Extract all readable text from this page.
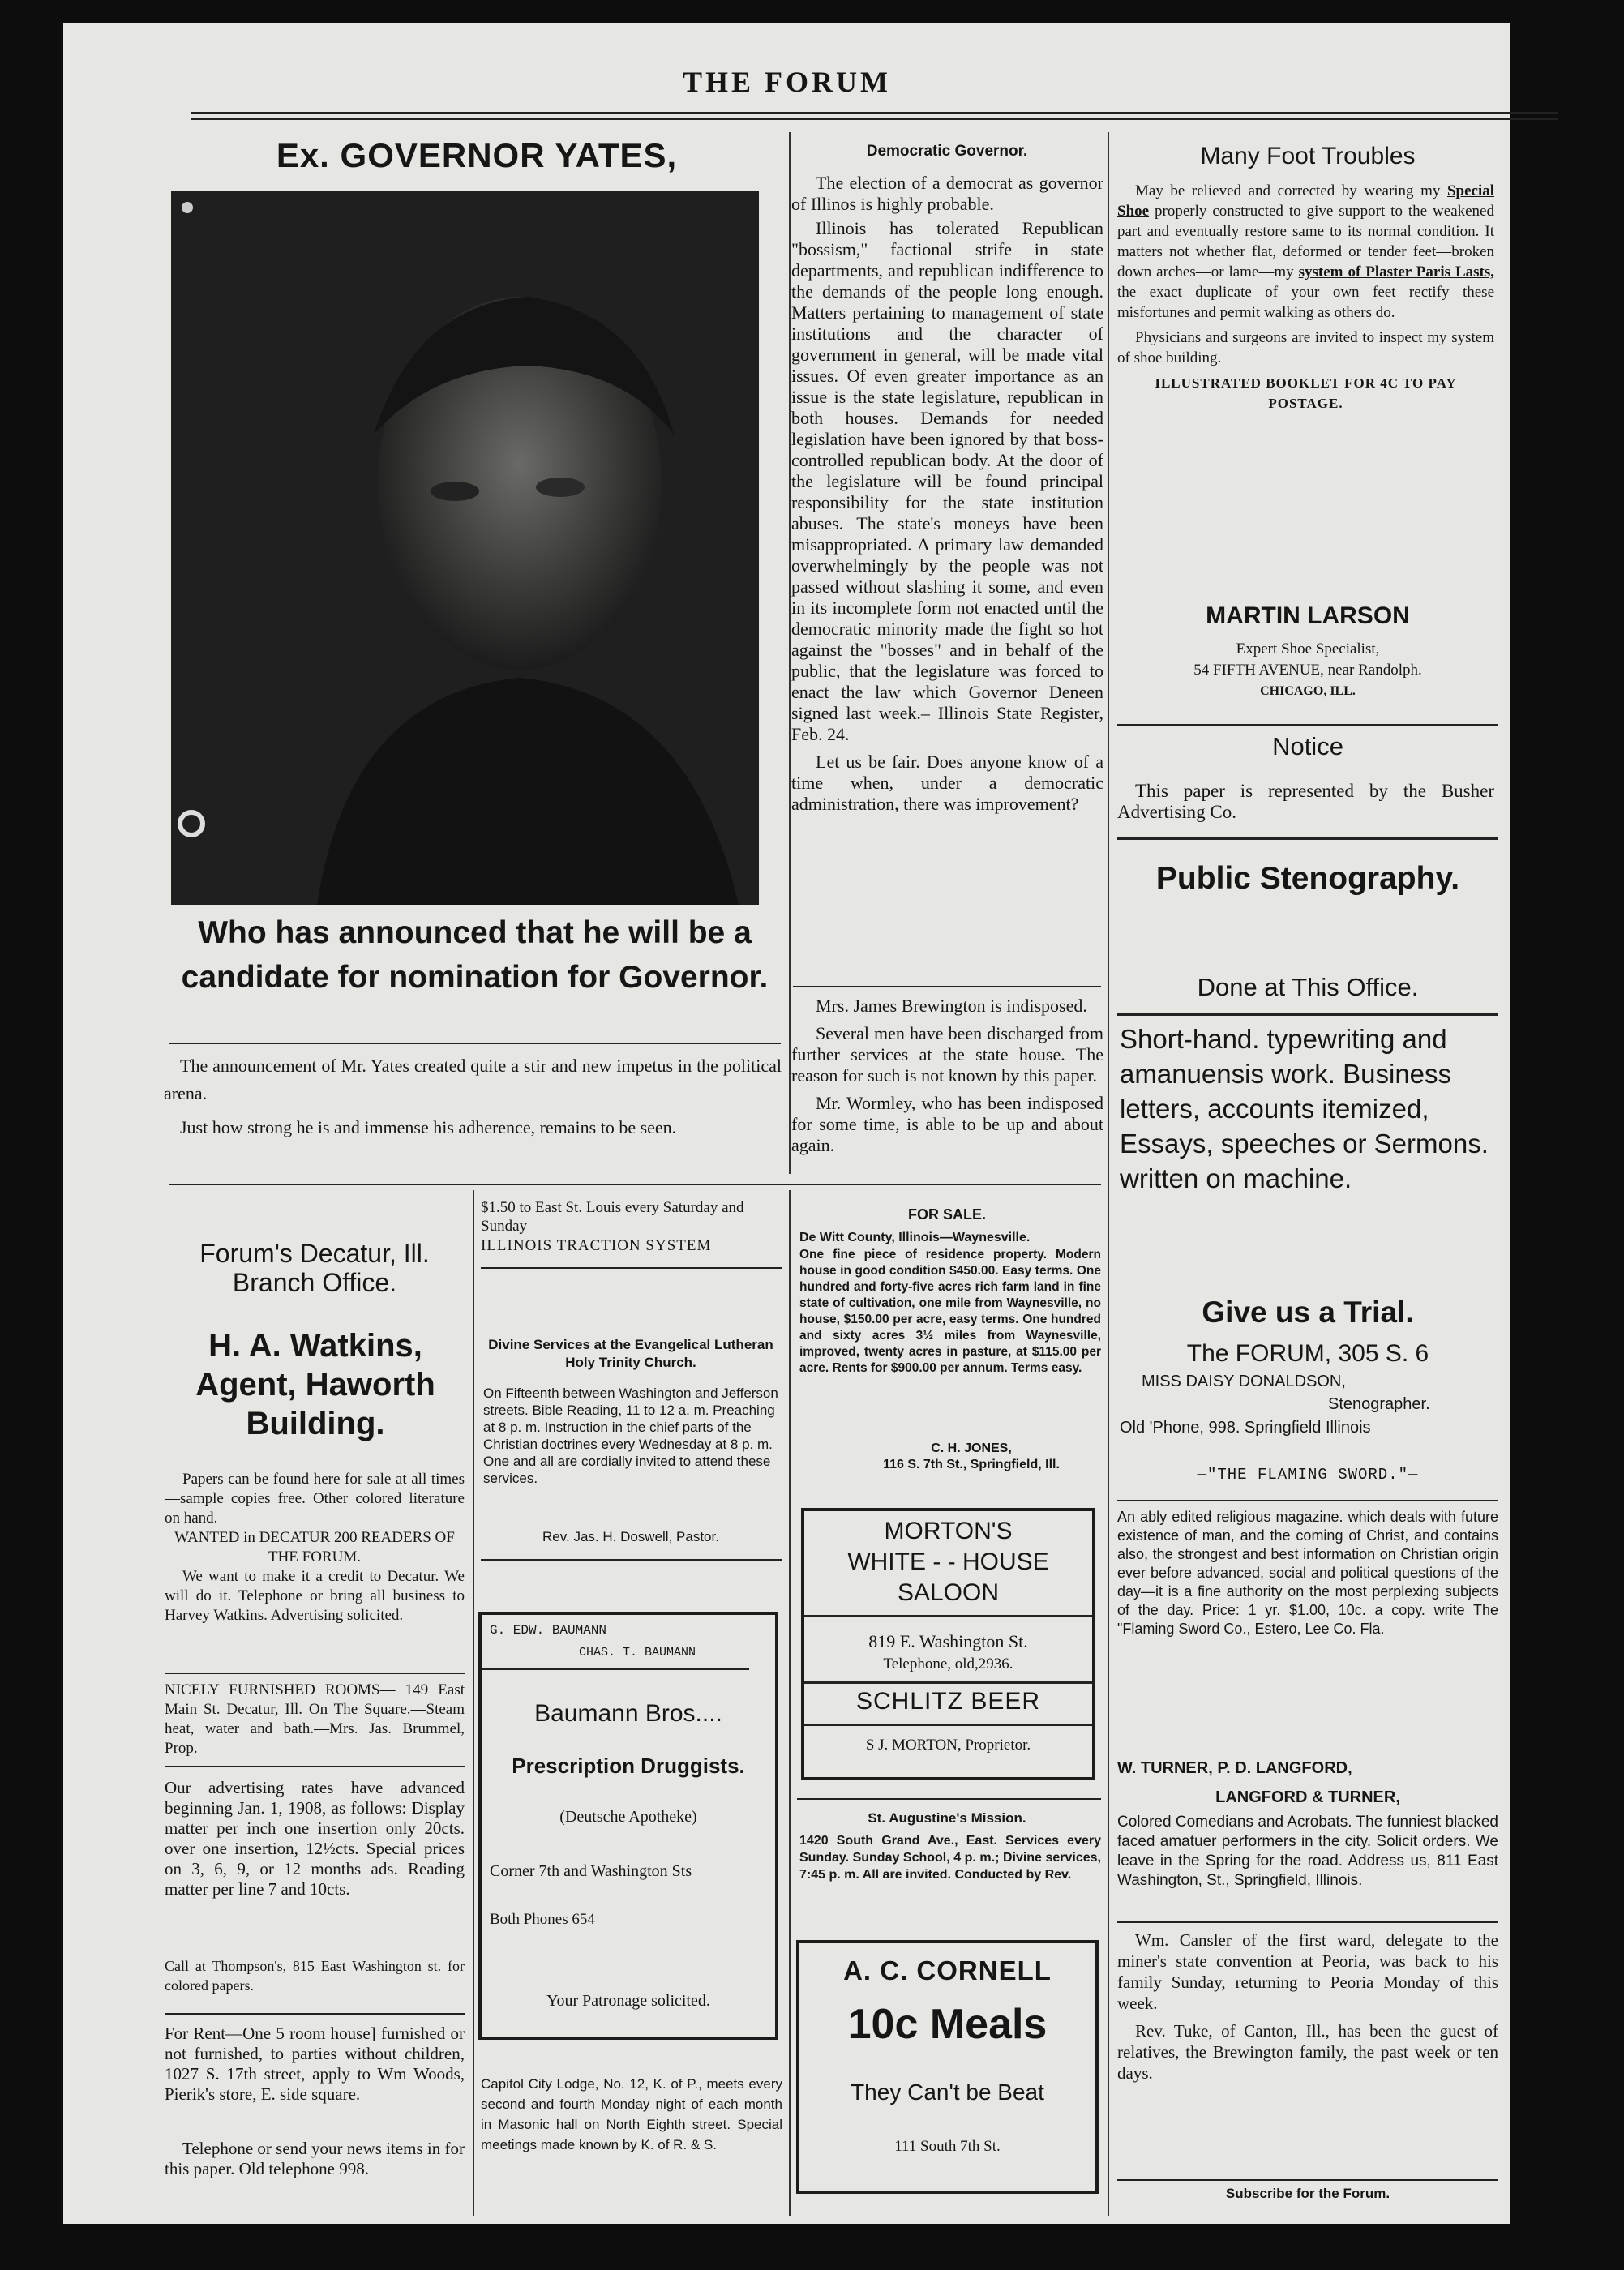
THE FORUM
Ex. GOVERNOR YATES,
Who has announced that he will be a candidate for nomination for Governor.

The announcement of Mr. Yates created quite a stir and new impetus in the political arena.

Just how strong he is and immense his adherence, remains to be seen.

Democratic Governor.

The election of a democrat as governor of Illinos is highly probable.

Illinois has tolerated Republican "bossism," factional strife in state departments, and republican indifference to the demands of the people long enough. Matters pertaining to management of state institutions and the character of government in general, will be made vital issues. Of even greater importance as an issue is the state legislature, republican in both houses. Demands for needed legislation have been ignored by that boss-controlled republican body. At the door of the legislature will be found principal responsibility for the state institution abuses. The state's moneys have been misappropriated. A primary law demanded overwhelmingly by the people was not passed without slashing it some, and even in its incomplete form not enacted until the democratic minority made the fight so hot against the "bosses" and in behalf of the public, that the legislature was forced to enact the law which Governor Deneen signed last week.– Illinois State Register, Feb. 24.

Let us be fair. Does anyone know of a time when, under a democratic administration, there was improvement?

Mrs. James Brewington is indisposed.

Several men have been discharged from further services at the state house. The reason for such is not known by this paper.

Mr. Wormley, who has been indisposed for some time, is able to be up and about again.

Many Foot Troubles

May be relieved and corrected by wearing my Special Shoe properly constructed to give support to the weakened part and eventually restore same to its normal condition. It matters not whether flat, deformed or tender feet—broken down arches—or lame—my system of Plaster Paris Lasts, the exact duplicate of your own feet rectify these misfortunes and permit walking as others do.

Physicians and surgeons are invited to inspect my system of shoe building.

ILLUSTRATED BOOKLET FOR 4C TO PAY POSTAGE.

MARTIN LARSON
Expert Shoe Specialist,
54 FIFTH AVENUE, near Randolph.
CHICAGO, ILL.
Notice

This paper is represented by the Busher Advertising Co.

Public Stenography.
Done at This Office.
Short-hand. typewriting and amanuensis work. Business letters, accounts itemized, Essays, speeches or Sermons. written on machine.
Give us a Trial.
The FORUM, 305 S. 6
MISS DAISY DONALDSON,
Stenographer.
Old 'Phone, 998. Springfield Illinois
—"THE FLAMING SWORD."—
An ably edited religious magazine. which deals with future existence of man, and the coming of Christ, and contains also, the strongest and best information on Christian origin ever before advanced, social and political questions of the day—it is a fine authority on the most perplexing subjects of the day. Price: 1 yr. $1.00, 10c. a copy. write The "Flaming Sword Co., Estero, Lee Co. Fla.
W. TURNER, P. D. LANGFORD,
LANGFORD & TURNER,
Colored Comedians and Acrobats. The funniest blacked faced amatuer performers in the city. Solicit orders. We leave in the Spring for the road. Address us, 811 East Washington, St., Springfield, Illinois.

Wm. Cansler of the first ward, delegate to the miner's state convention at Peoria, was back to his family Sunday, returning to Peoria Monday of this week.

Rev. Tuke, of Canton, Ill., has been the guest of relatives, the Brewington family, the past week or ten days.

Subscribe for the Forum.
Forum's Decatur, Ill. Branch Office.
H. A. Watkins, Agent, Haworth Building.

Papers can be found here for sale at all times—sample copies free. Other colored literature on hand.

WANTED in DECATUR 200 READERS OF THE FORUM.

We want to make it a credit to Decatur. We will do it. Telephone or bring all business to Harvey Watkins. Advertising solicited.

NICELY FURNISHED ROOMS— 149 East Main St. Decatur, Ill. On The Square.—Steam heat, water and bath.—Mrs. Jas. Brummel, Prop.
Our advertising rates have advanced beginning Jan. 1, 1908, as follows: Display matter per inch one insertion only 20cts. over one insertion, 12½cts. Special prices on 3, 6, 9, or 12 months ads. Reading matter per line 7 and 10cts.
Call at Thompson's, 815 East Washington st. for colored papers.
For Rent—One 5 room house] furnished or not furnished, to parties without children, 1027 S. 17th street, apply to Wm Woods, Pierik's store, E. side square.
Telephone or send your news items in for this paper. Old telephone 998.
$1.50 to East St. Louis every Saturday and Sunday
ILLINOIS TRACTION SYSTEM
Divine Services at the Evangelical Lutheran Holy Trinity Church.
On Fifteenth between Washington and Jefferson streets. Bible Reading, 11 to 12 a. m. Preaching at 8 p. m. Instruction in the chief parts of the Christian doctrines every Wednesday at 8 p. m. One and all are cordially invited to attend these services.
Rev. Jas. H. Doswell, Pastor.
G. EDW. BAUMANN
CHAS. T. BAUMANN
Baumann Bros....
Prescription Druggists.
(Deutsche Apotheke)
Corner 7th and Washington Sts
Both Phones 654
Your Patronage solicited.
Capitol City Lodge, No. 12, K. of P., meets every second and fourth Monday night of each month in Masonic hall on North Eighth street. Special meetings made known by K. of R. & S.
FOR SALE.
De Witt County, Illinois—Waynesville.
One fine piece of residence property. Modern house in good condition $450.00. Easy terms. One hundred and forty-five acres rich farm land in fine state of cultivation, one mile from Waynesville, no house, $150.00 per acre, easy terms. One hundred and sixty acres 3½ miles from Waynesville, improved, twenty acres in pasture, at $115.00 per acre. Rents for $900.00 per annum. Terms easy.
C. H. JONES,
116 S. 7th St., Springfield, Ill.
MORTON'S
WHITE - - HOUSE
SALOON
819 E. Washington St.
Telephone, old,2936.
SCHLITZ BEER
S J. MORTON, Proprietor.
St. Augustine's Mission.
1420 South Grand Ave., East. Services every Sunday. Sunday School, 4 p. m.; Divine services, 7:45 p. m. All are invited. Conducted by Rev.
A. C. CORNELL
10c Meals
They Can't be Beat
111 South 7th St.
